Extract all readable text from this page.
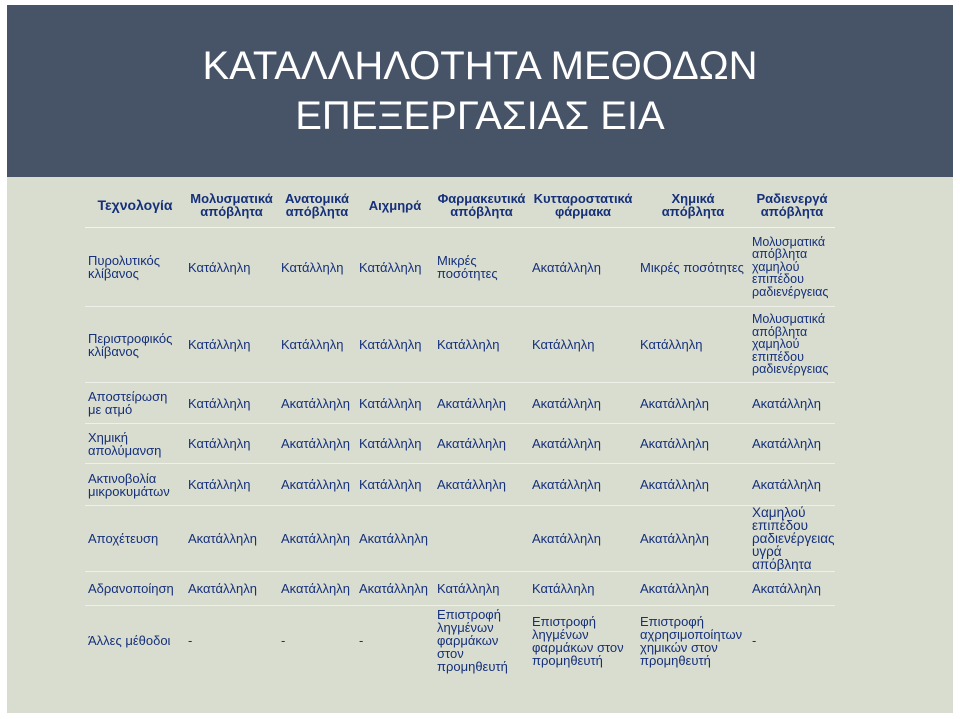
ΚΑΤΑΛΛΗΛΟΤΗΤΑ ΜΕΘΟΔΩΝ
ΕΠΕΞΕΡΓΑΣΙΑΣ ΕΙΑ
Τεχνολογία	Μολυσματικά απόβλητα	Ανατομικά απόβλητα	Αιχμηρά	Φαρμακευτικά απόβλητα	Κυτταροστατικά φάρμακα	Χημικά απόβλητα	Ραδιενεργά απόβλητα
Πυρολυτικός κλίβανος	Κατάλληλη	Κατάλληλη	Κατάλληλη	Μικρές ποσότητες	Ακατάλληλη	Μικρές ποσότητες	Μολυσματικά απόβλητα χαμηλού επιπέδου ραδιενέργειας
Περιστροφικός κλίβανος	Κατάλληλη	Κατάλληλη	Κατάλληλη	Κατάλληλη	Κατάλληλη	Κατάλληλη	Μολυσματικά απόβλητα χαμηλού επιπέδου ραδιενέργειας
Αποστείρωση με ατμό	Κατάλληλη	Ακατάλληλη	Κατάλληλη	Ακατάλληλη	Ακατάλληλη	Ακατάλληλη	Ακατάλληλη
Χημική απολύμανση	Κατάλληλη	Ακατάλληλη	Κατάλληλη	Ακατάλληλη	Ακατάλληλη	Ακατάλληλη	Ακατάλληλη
Ακτινοβολία μικροκυμάτων	Κατάλληλη	Ακατάλληλη	Κατάλληλη	Ακατάλληλη	Ακατάλληλη	Ακατάλληλη	Ακατάλληλη
Αποχέτευση	Ακατάλληλη	Ακατάλληλη	Ακατάλληλη		Ακατάλληλη	Ακατάλληλη	Χαμηλού επιπέδου ραδιενέργειας υγρά απόβλητα
Αδρανοποίηση	Ακατάλληλη	Ακατάλληλη	Ακατάλληλη	Κατάλληλη	Κατάλληλη	Ακατάλληλη	Ακατάλληλη
Άλλες μέθοδοι	-	-	-	Επιστροφή ληγμένων φαρμάκων στον προμηθευτή	Επιστροφή ληγμένων φαρμάκων στον προμηθευτή	Επιστροφή αχρησιμοποίητων χημικών στον προμηθευτή	-
